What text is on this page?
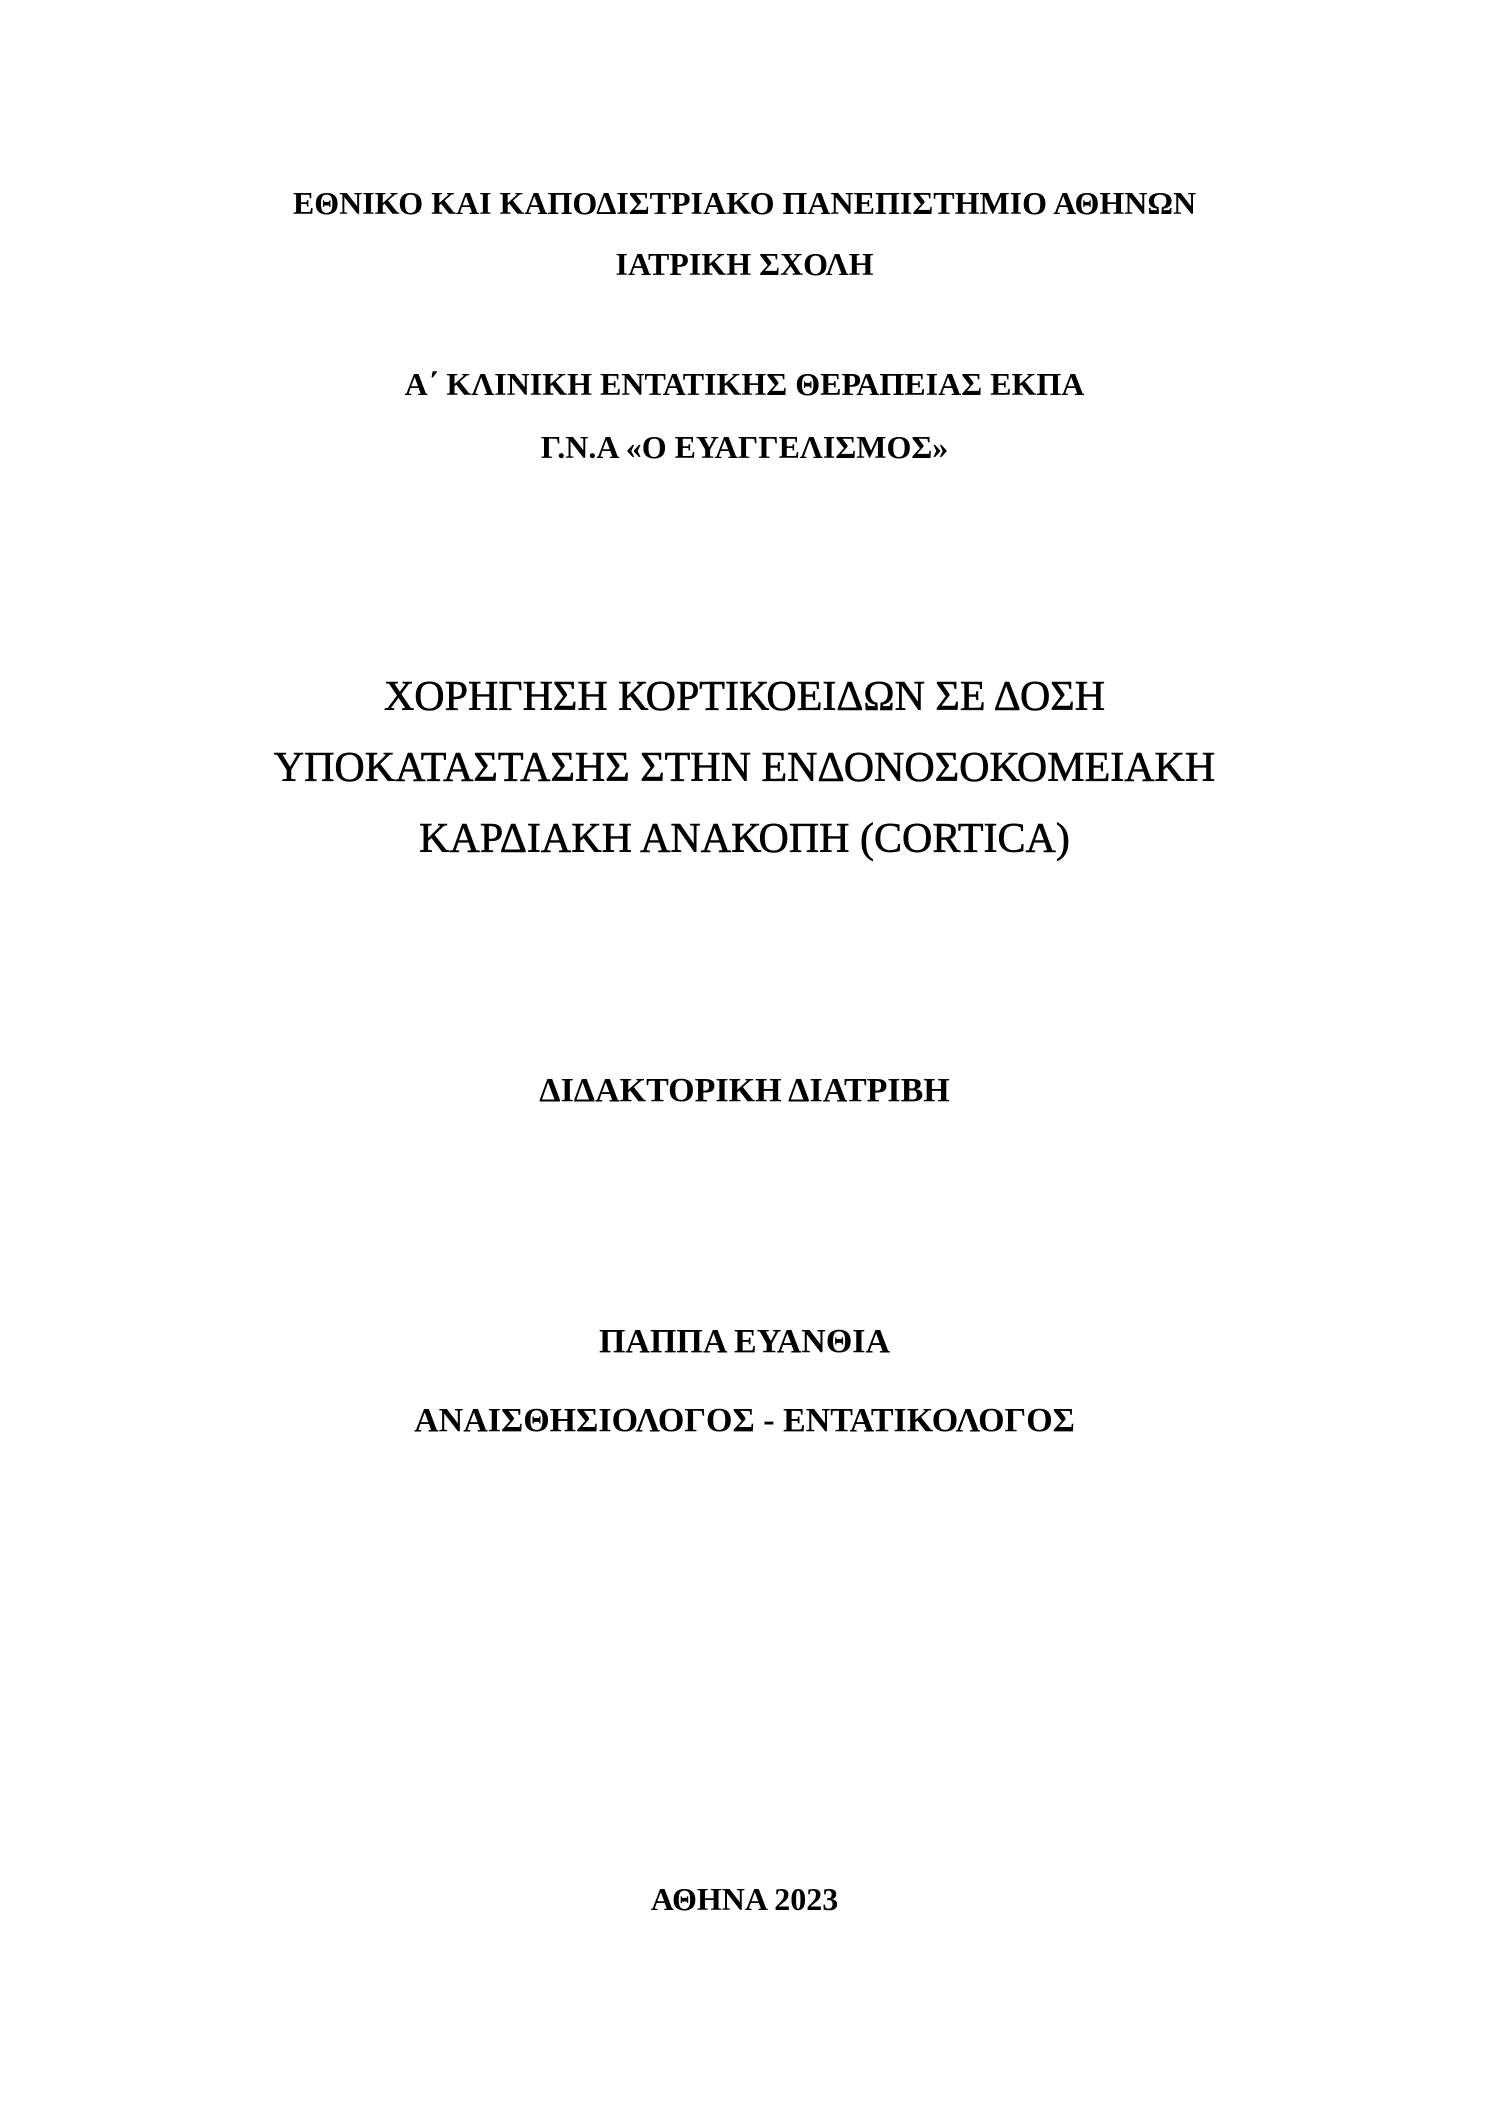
ΕΘΝΙΚΟ ΚΑΙ ΚΑΠΟΔΙΣΤΡΙΑΚΟ ΠΑΝΕΠΙΣΤΗΜΙΟ ΑΘΗΝΩΝ
ΙΑΤΡΙΚΗ ΣΧΟΛΗ
Α΄ ΚΛΙΝΙΚΗ ΕΝΤΑΤΙΚΗΣ ΘΕΡΑΠΕΙΑΣ ΕΚΠΑ
Γ.Ν.Α «Ο ΕΥΑΓΓΕΛΙΣΜΟΣ»
ΧΟΡΗΓΗΣΗ ΚΟΡΤΙΚΟΕΙΔΩΝ ΣΕ ΔΟΣΗ
ΥΠΟΚΑΤΑΣΤΑΣΗΣ ΣΤΗΝ ΕΝΔΟΝΟΣΟΚΟΜΕΙΑΚΗ
ΚΑΡΔΙΑΚΗ ΑΝΑΚΟΠΗ (CORTICA)
ΔΙΔΑΚΤΟΡΙΚΗ ΔΙΑΤΡΙΒΗ
ΠΑΠΠΑ ΕΥΑΝΘΙΑ
ΑΝΑΙΣΘΗΣΙΟΛΟΓΟΣ - ΕΝΤΑΤΙΚΟΛΟΓΟΣ
ΑΘΗΝΑ 2023
